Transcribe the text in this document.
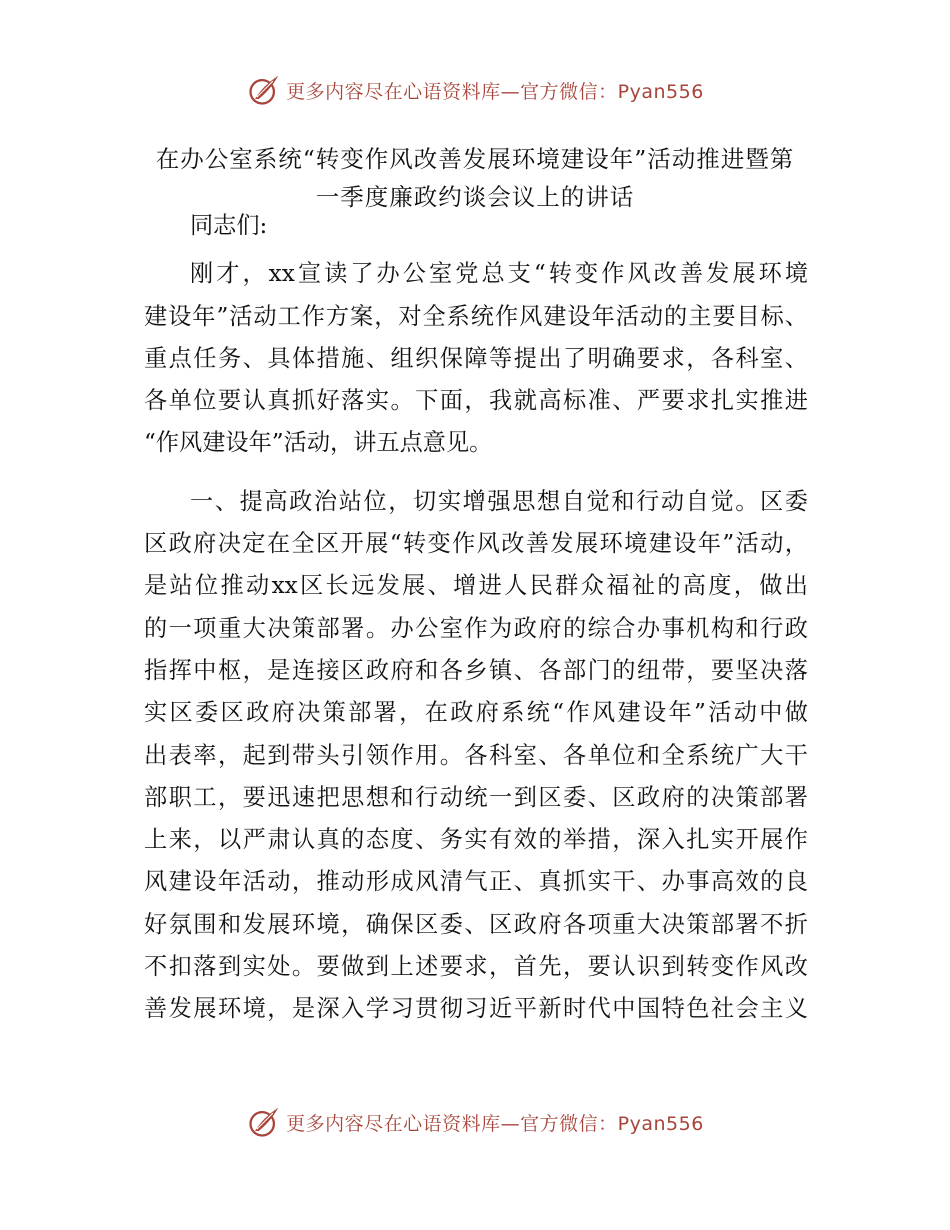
更多内容尽在心语资料库—官方微信：Pyan556
在办公室系统“转变作风改善发展环境建设年”活动推进暨第
一季度廉政约谈会议上的讲话
同志们:
刚才，xx宣读了办公室党总支“转变作风改善发展环境
建设年”活动工作方案，对全系统作风建设年活动的主要目标、
重点任务、具体措施、组织保障等提出了明确要求，各科室、
各单位要认真抓好落实。下面，我就高标准、严要求扎实推进
“作风建设年”活动，讲五点意见。
一、提高政治站位，切实增强思想自觉和行动自觉。区委
区政府决定在全区开展“转变作风改善发展环境建设年”活动，
是站位推动xx区长远发展、增进人民群众福祉的高度，做出
的一项重大决策部署。办公室作为政府的综合办事机构和行政
指挥中枢，是连接区政府和各乡镇、各部门的纽带，要坚决落
实区委区政府决策部署，在政府系统“作风建设年”活动中做
出表率，起到带头引领作用。各科室、各单位和全系统广大干
部职工，要迅速把思想和行动统一到区委、区政府的决策部署
上来，以严肃认真的态度、务实有效的举措，深入扎实开展作
风建设年活动，推动形成风清气正、真抓实干、办事高效的良
好氛围和发展环境，确保区委、区政府各项重大决策部署不折
不扣落到实处。要做到上述要求，首先，要认识到转变作风改
善发展环境，是深入学习贯彻习近平新时代中国特色社会主义
更多内容尽在心语资料库—官方微信：Pyan556
